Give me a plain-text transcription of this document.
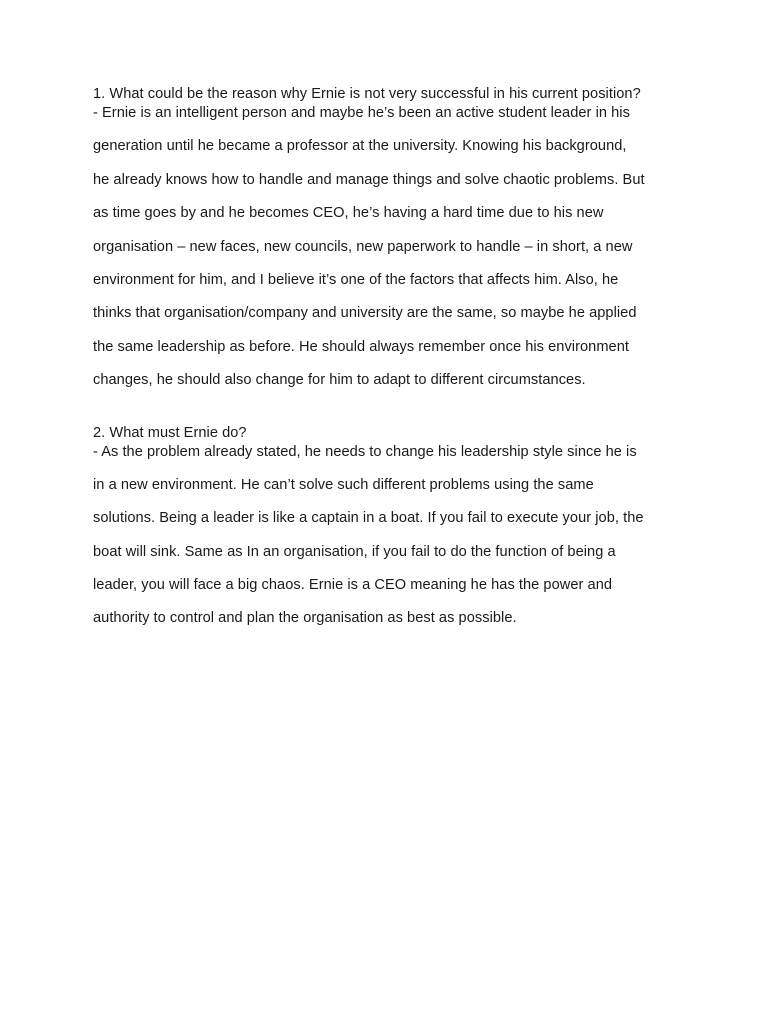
1. What could be the reason why Ernie is not very successful in his current position?
- Ernie is an intelligent person and maybe he’s been an active student leader in his
generation until he became a professor at the university. Knowing his background,
he already knows how to handle and manage things and solve chaotic problems. But
as time goes by and he becomes CEO, he’s having a hard time due to his new
organisation – new faces, new councils, new paperwork to handle – in short, a new
environment for him, and I believe it’s one of the factors that affects him. Also, he
thinks that organisation/company and university are the same, so maybe he applied
the same leadership as before. He should always remember once his environment
changes, he should also change for him to adapt to different circumstances.
2. What must Ernie do?
- As the problem already stated, he needs to change his leadership style since he is
in a new environment. He can’t solve such different problems using the same
solutions. Being a leader is like a captain in a boat. If you fail to execute your job, the
boat will sink. Same as In an organisation, if you fail to do the function of being a
leader, you will face a big chaos. Ernie is a CEO meaning he has the power and
authority to control and plan the organisation as best as possible.
